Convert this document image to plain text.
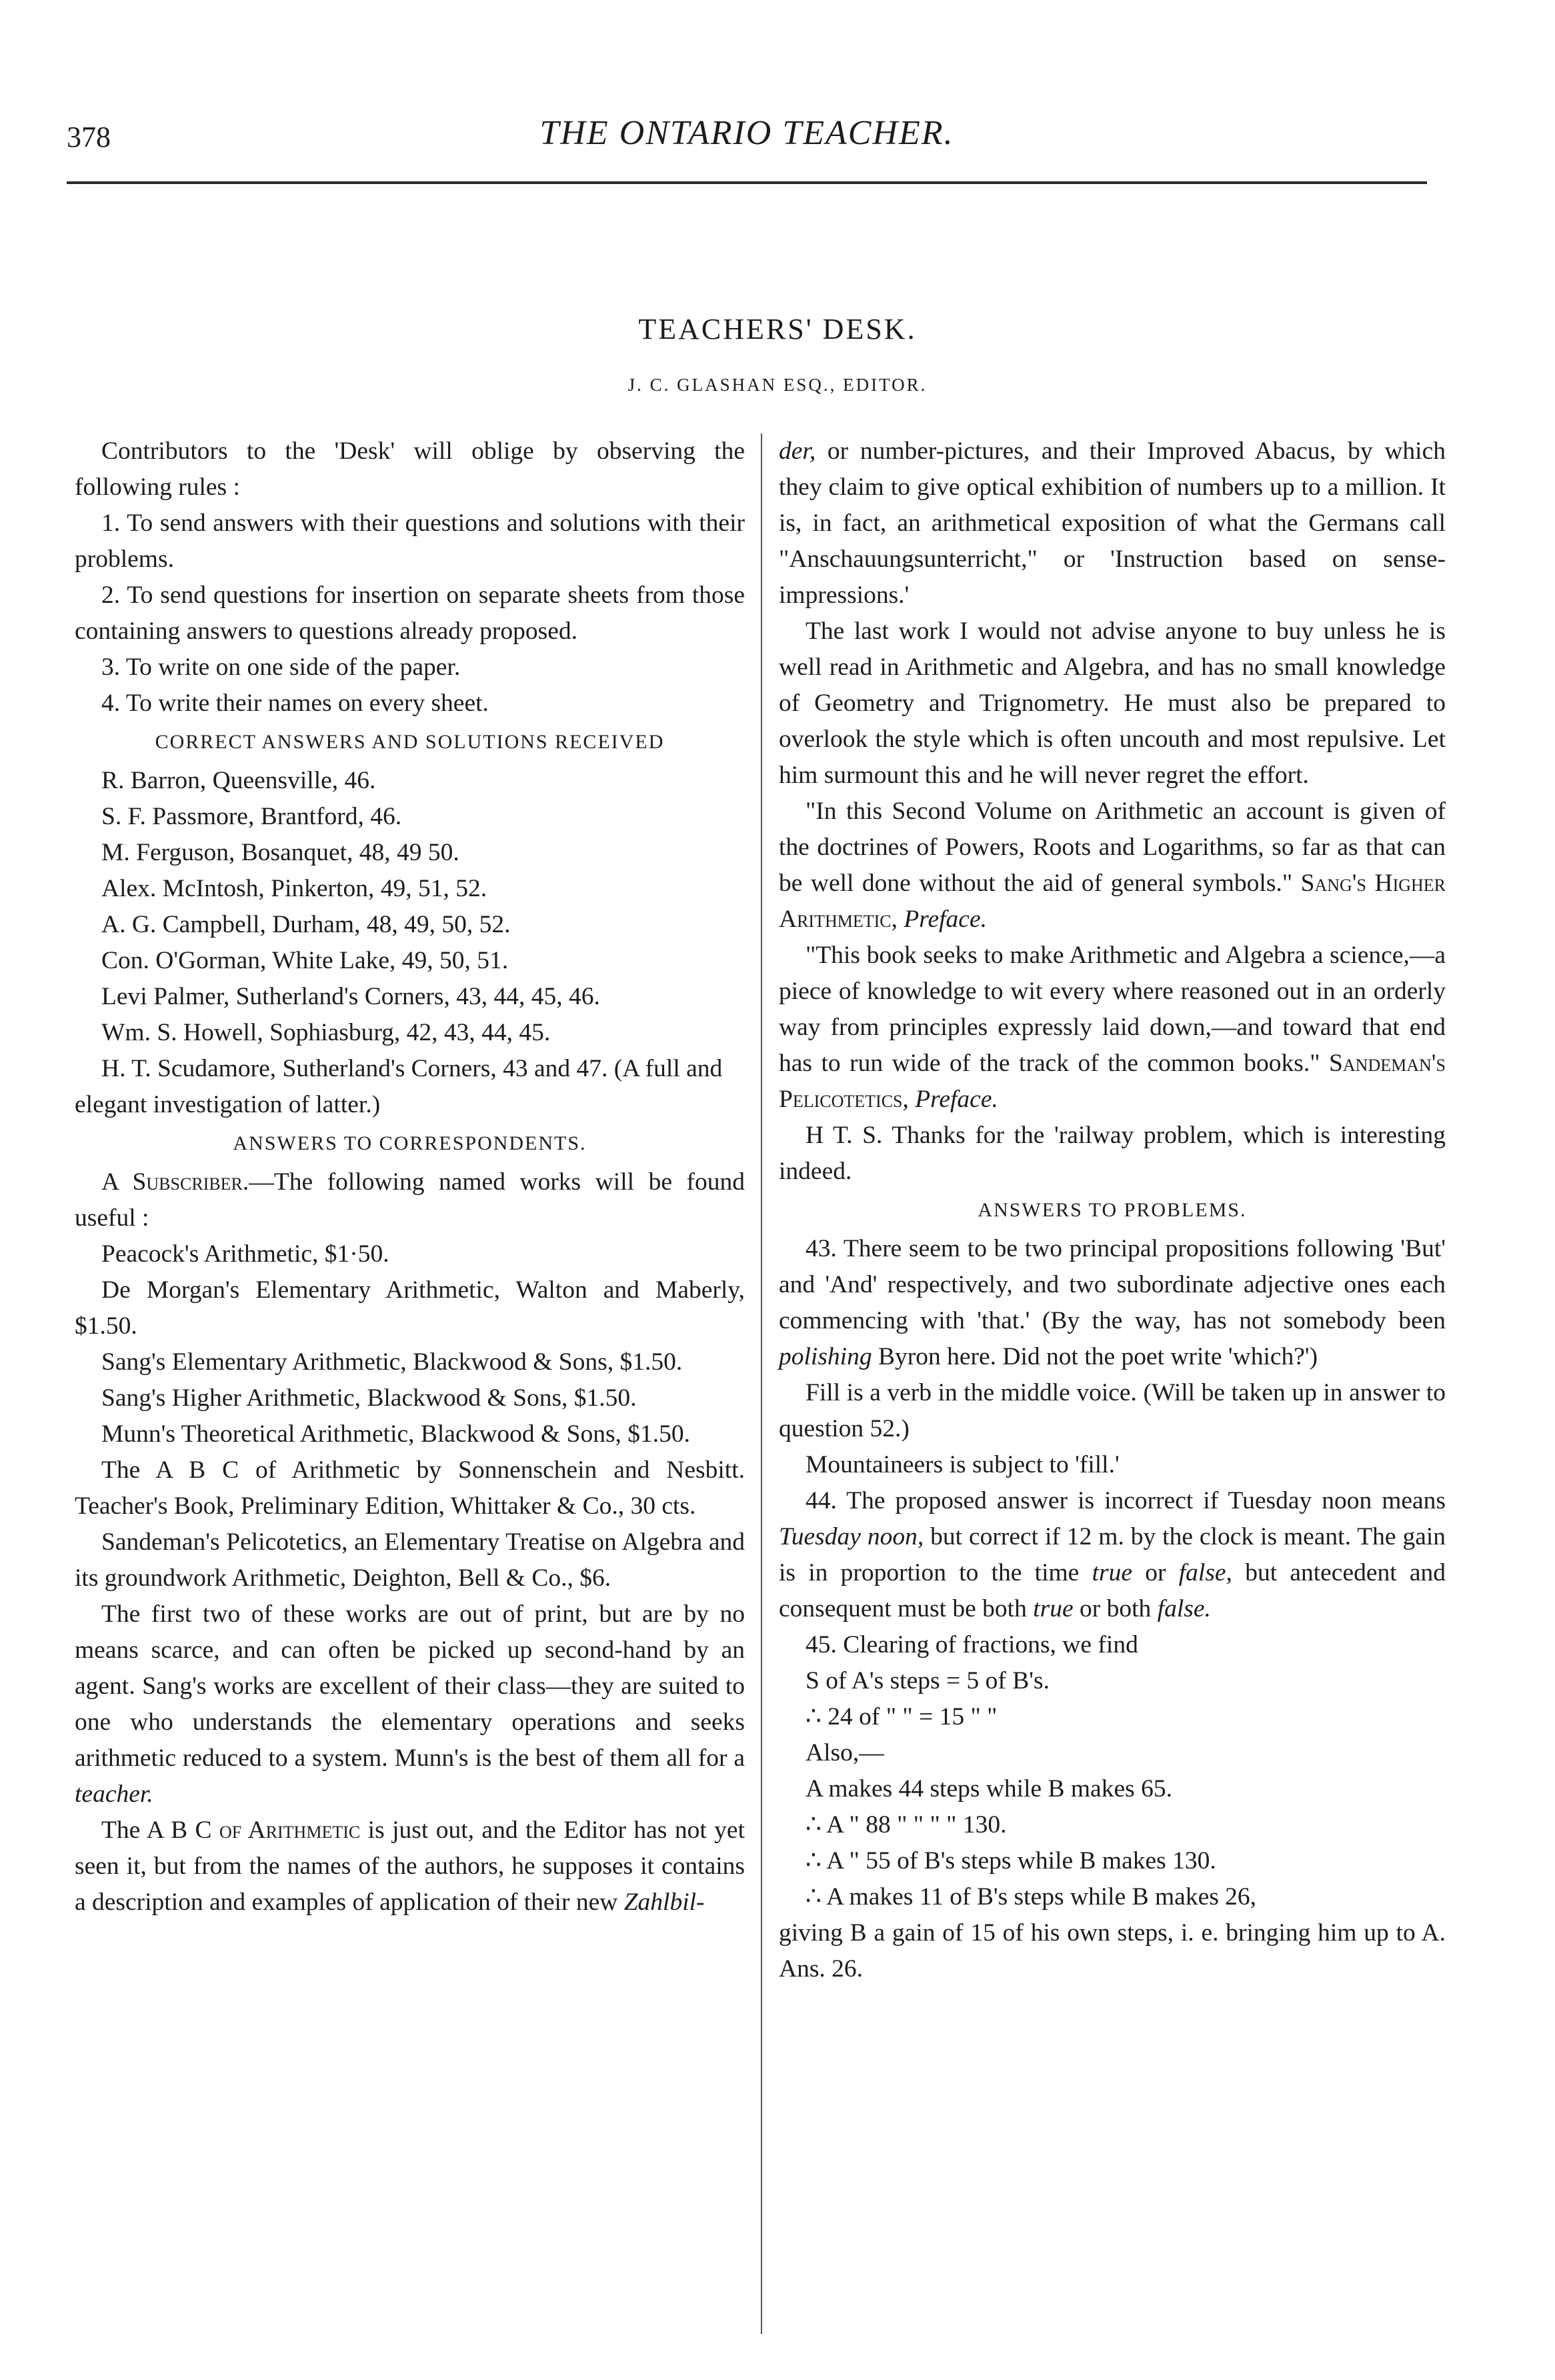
378	THE ONTARIO TEACHER.
TEACHERS' DESK.
J. C. GLASHAN ESQ., EDITOR.

Contributors to the 'Desk' will oblige by observing the following rules :

1. To send answers with their questions and solutions with their problems.

2. To send questions for insertion on separate sheets from those containing answers to questions already proposed.

3. To write on one side of the paper.

4. To write their names on every sheet.

CORRECT ANSWERS AND SOLUTIONS RECEIVED

R. Barron, Queensville, 46.

S. F. Passmore, Brantford, 46.

M. Ferguson, Bosanquet, 48, 49 50.

Alex. McIntosh, Pinkerton, 49, 51, 52.

A. G. Campbell, Durham, 48, 49, 50, 52.

Con. O'Gorman, White Lake, 49, 50, 51.

Levi Palmer, Sutherland's Corners, 43, 44, 45, 46.

Wm. S. Howell, Sophiasburg, 42, 43, 44, 45.

H. T. Scudamore, Sutherland's Corners, 43 and 47. (A full and elegant investigation of latter.)

ANSWERS TO CORRESPONDENTS.

A Subscriber.—The following named works will be found useful :

Peacock's Arithmetic, $1·50.

De Morgan's Elementary Arithmetic, Walton and Maberly, $1.50.

Sang's Elementary Arithmetic, Blackwood & Sons, $1.50.

Sang's Higher Arithmetic, Blackwood & Sons, $1.50.

Munn's Theoretical Arithmetic, Blackwood & Sons, $1.50.

The A B C of Arithmetic by Sonnenschein and Nesbitt. Teacher's Book, Preliminary Edition, Whittaker & Co., 30 cts.

Sandeman's Pelicotetics, an Elementary Treatise on Algebra and its groundwork Arithmetic, Deighton, Bell & Co., $6.

The first two of these works are out of print, but are by no means scarce, and can often be picked up second-hand by an agent. Sang's works are excellent of their class—they are suited to one who understands the elementary operations and seeks arithmetic reduced to a system. Munn's is the best of them all for a teacher.

The A B C of Arithmetic is just out, and the Editor has not yet seen it, but from the names of the authors, he supposes it contains a description and examples of application of their new Zahlbil-

der, or number-pictures, and their Improved Abacus, by which they claim to give optical exhibition of numbers up to a million. It is, in fact, an arithmetical exposition of what the Germans call "Anschauungsunterricht," or 'Instruction based on sense-impressions.'

The last work I would not advise anyone to buy unless he is well read in Arithmetic and Algebra, and has no small knowledge of Geometry and Trignometry. He must also be prepared to overlook the style which is often uncouth and most repulsive. Let him surmount this and he will never regret the effort.

"In this Second Volume on Arithmetic an account is given of the doctrines of Powers, Roots and Logarithms, so far as that can be well done without the aid of general symbols." Sang's Higher Arithmetic, Preface.

"This book seeks to make Arithmetic and Algebra a science,—a piece of knowledge to wit every where reasoned out in an orderly way from principles expressly laid down,—and toward that end has to run wide of the track of the common books." Sandeman's Pelicotetics, Preface.

H T. S. Thanks for the 'railway problem, which is interesting indeed.

ANSWERS TO PROBLEMS.

43. There seem to be two principal propositions following 'But' and 'And' respectively, and two subordinate adjective ones each commencing with 'that.' (By the way, has not somebody been polishing Byron here. Did not the poet write 'which?')

Fill is a verb in the middle voice. (Will be taken up in answer to question 52.)

Mountaineers is subject to 'fill.'

44. The proposed answer is incorrect if Tuesday noon means Tuesday noon, but correct if 12 m. by the clock is meant. The gain is in proportion to the time true or false, but antecedent and consequent must be both true or both false.

45. Clearing of fractions, we find

S of A's steps = 5 of B's.

∴ 24 of " " = 15 " "

Also,—

A makes 44 steps while B makes 65.

∴ A " 88 " " " " 130.

∴ A " 55 of B's steps while B makes 130.

∴ A makes 11 of B's steps while B makes 26,

giving B a gain of 15 of his own steps, i. e. bringing him up to A. Ans. 26.
